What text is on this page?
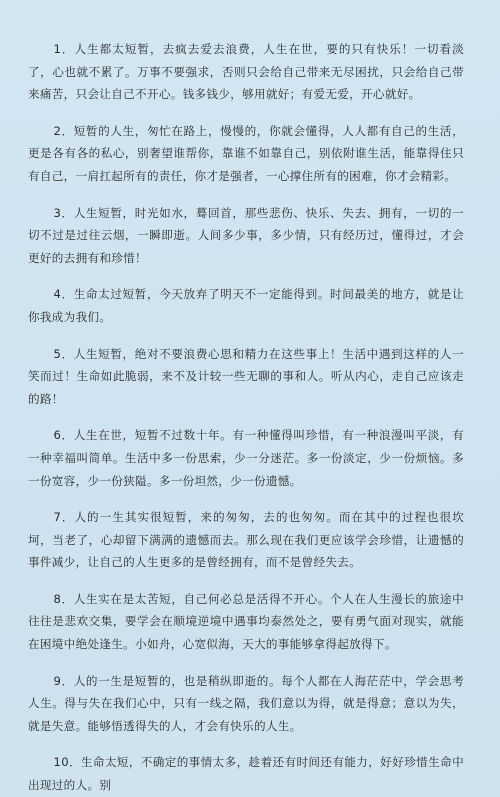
1．人生都太短暂，去疯去爱去浪费，人生在世，要的只有快乐！一切看淡了，心也就不累了。万事不要强求，否则只会给自己带来无尽困扰，只会给自己带来痛苦，只会让自己不开心。钱多钱少，够用就好；有爱无爱，开心就好。

2．短暂的人生，匆忙在路上，慢慢的，你就会懂得，人人都有自己的生活，更是各有各的私心，别奢望谁帮你，靠谁不如靠自己，别依附谁生活，能靠得住只有自己，一肩扛起所有的责任，你才是强者，一心撑住所有的困难，你才会精彩。

3．人生短暂，时光如水，蓦回首，那些悲伤、快乐、失去、拥有，一切的一切不过是过往云烟，一瞬即逝。人间多少事，多少情，只有经历过，懂得过，才会更好的去拥有和珍惜！

4．生命太过短暂，今天放弃了明天不一定能得到。时间最美的地方，就是让你我成为我们。

5．人生短暂，绝对不要浪费心思和精力在这些事上！生活中遇到这样的人一笑而过！生命如此脆弱，来不及计较一些无聊的事和人。听从内心，走自己应该走的路！

6．人生在世，短暂不过数十年。有一种懂得叫珍惜，有一种浪漫叫平淡，有一种幸福叫简单。生活中多一份思索，少一分迷茫。多一份淡定，少一份烦恼。多一份宽容，少一份狭隘。多一份坦然，少一份遗憾。

7．人的一生其实很短暂，来的匆匆，去的也匆匆。而在其中的过程也很坎坷，当老了，心却留下满满的遗憾而去。那么现在我们更应该学会珍惜，让遗憾的事件减少，让自己的人生更多的是曾经拥有，而不是曾经失去。

8．人生实在是太苦短，自己何必总是活得不开心。个人在人生漫长的旅途中往往是悲欢交集，要学会在顺境逆境中遇事均泰然处之，要有勇气面对现实，就能在困境中绝处逢生。小如舟，心宽似海，天大的事能够拿得起放得下。

9．人的一生是短暂的，也是稍纵即逝的。每个人都在人海茫茫中，学会思考人生。得与失在我们心中，只有一线之隔，我们意以为得，就是得意；意以为失，就是失意。能够悟透得失的人，才会有快乐的人生。

10．生命太短，不确定的事情太多，趁着还有时间还有能力，好好珍惜生命中出现过的人。别
